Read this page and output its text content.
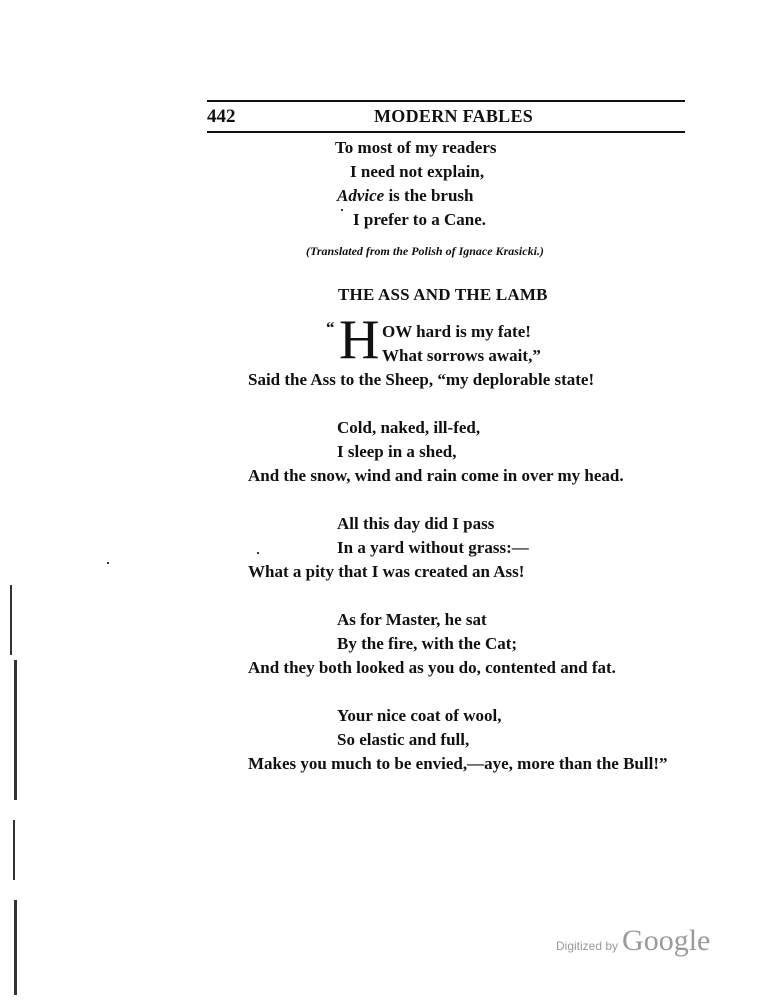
442	MODERN FABLES
To most of my readers
I need not explain,
Advice is the brush
I prefer to a Cane.
(Translated from the Polish of Ignace Krasicki.)
THE ASS AND THE LAMB
“ H OW hard is my fate!
What sorrows await,”
Said the Ass to the Sheep, “my deplorable state!
Cold, naked, ill-fed,
I sleep in a shed,
And the snow, wind and rain come in over my head.
All this day did I pass
In a yard without grass:—
What a pity that I was created an Ass!
As for Master, he sat
By the fire, with the Cat;
And they both looked as you do, contented and fat.
Your nice coat of wool,
So elastic and full,
Makes you much to be envied,—aye, more than the Bull!”
Digitized by Google
